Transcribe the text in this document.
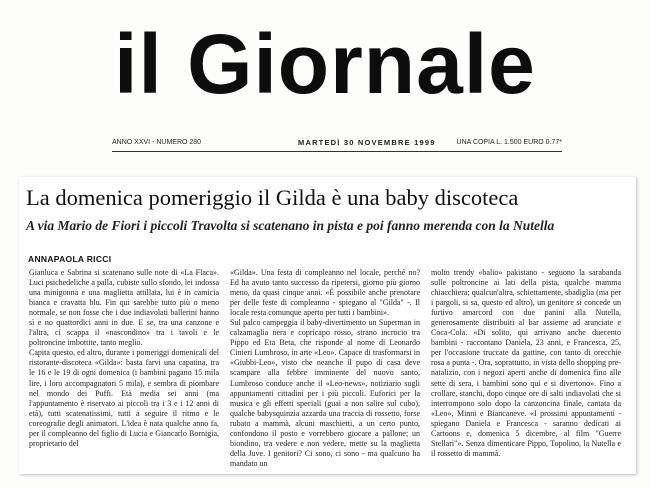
il Giornale
ANNO XXVI - NUMERO 280	MARTEDÌ 30 NOVEMBRE 1999	UNA COPIA L. 1.500 EURO 0.77*
La domenica pomeriggio il Gilda è una baby discoteca
A via Mario de Fiori i piccoli Travolta si scatenano in pista e poi fanno merenda con la Nutella
ANNAPAOLA RICCI

Gianluca e Sabrina si scatenano sulle note di «La Flaca». Luci psichedeliche a palla, cubiste sullo sfondo, lei indossa una minigonna e una maglietta attillata, lui è in camicia bianca e cravatta blu. Fin qui sarebbe tutto più o meno normale, se non fosse che i due indiavolati ballerini hanno sì e no quattordici anni in due. E se, tra una canzone e l'altra, ci scappa il «nascondino» tra i tavoli e le poltroncine imbottite, tanto meglio.

Capita questo, ed altro, durante i pomeriggi domenicali del ristorante-discoteca «Gilda»: basta farvi una capatina, tra le 16 e le 19 di ogni domenica (i bambini pagano 15 mila lire, i loro accompagnatori 5 mila), e sembra di piombare nel mondo dei Puffi. Età media sei anni (ma l'appuntamento è riservato ai piccoli tra i 3 e i 12 anni di età), tutti scatenatissimi, tutti a seguire il ritmo e le coreografie degli animatori. L'idea è nata qualche anno fa, per il compleanno del figlio di Lucia e Giancarlo Bornigia, proprietario del

«Gilda». Una festa di compleanno nel locale, perché no? Ed ha avuto tanto successo da ripetersi, giorno più giorno meno, da quasi cinque anni. «È possibile anche prenotare per delle feste di compleanno - spiegano al "Gilda" -. Il locale resta comunque aperto per tutti i bambini».

Sul palco campeggia il baby-divertimento un Superman in calzamaglia nera e copricapo rosso, strano incrocio tra Pippo ed Eta Beta, che risponde al nome di Leonardo Cinieri Lumbroso, in arte «Leo». Capace di trasformarsi in «Giubbi-Leo», visto che neanche il pupo di casa deve scampare alla febbre imminente del nuovo santo, Lumbroso conduce anche il «Leo-news», notiziario sugli appuntamenti cittadini per i più piccoli. Euforici per la musica e gli effetti speciali (guai a non salire sul cubo), qualche babysquinzia azzarda una traccia di rossetto, forse rubato a mammà, alcuni maschietti, a un certo punto, confondono il posto e vorrebbero giocare a pallone; un biondino, tra vedere e non vedere, mette su la maglietta della Juve. I genitori? Ci sono, ci sono - ma qualcuno ha mandato un

molto trendy «balio» pakistano - seguono la sarabanda sulle poltroncine ai lati della pista, qualche mamma chiacchiera; qualcun'altra, schiettamente, sbadiglia (ma per i pargoli, si sa, questo ed altro), un genitore si concede un furtivo amarcord con due panini alla Nutella, generosamente distribuiti al bar assieme ad aranciate e Coca-Cola. «Di solito, qui arrivano anche duecento bambini - raccontano Daniela, 23 anni, e Francesca, 25, per l'occasione truccate da gattine, con tanto di orecchie rosa a punta -. Ora, soprattutto, in vista dello shopping pre-natalizio, con i negozi aperti anche di domenica fino alle sette di sera, i bambini sono qui e si divertono». Fino a crollare, stanchi, dopo cinque ore di salti indiavolati che si interrompono solo dopo la canzoncina finale, cantata da «Leo», Minni e Biancaneve. «I prossimi appuntamenti - spiegano Daniela e Francesca - saranno dedicati ai Cartoons e, domenica 5 dicembre, al film "Guerre Stellari"». Senza dimenticare Pippo, Topolino, la Nutella e il rossetto di mammà.
